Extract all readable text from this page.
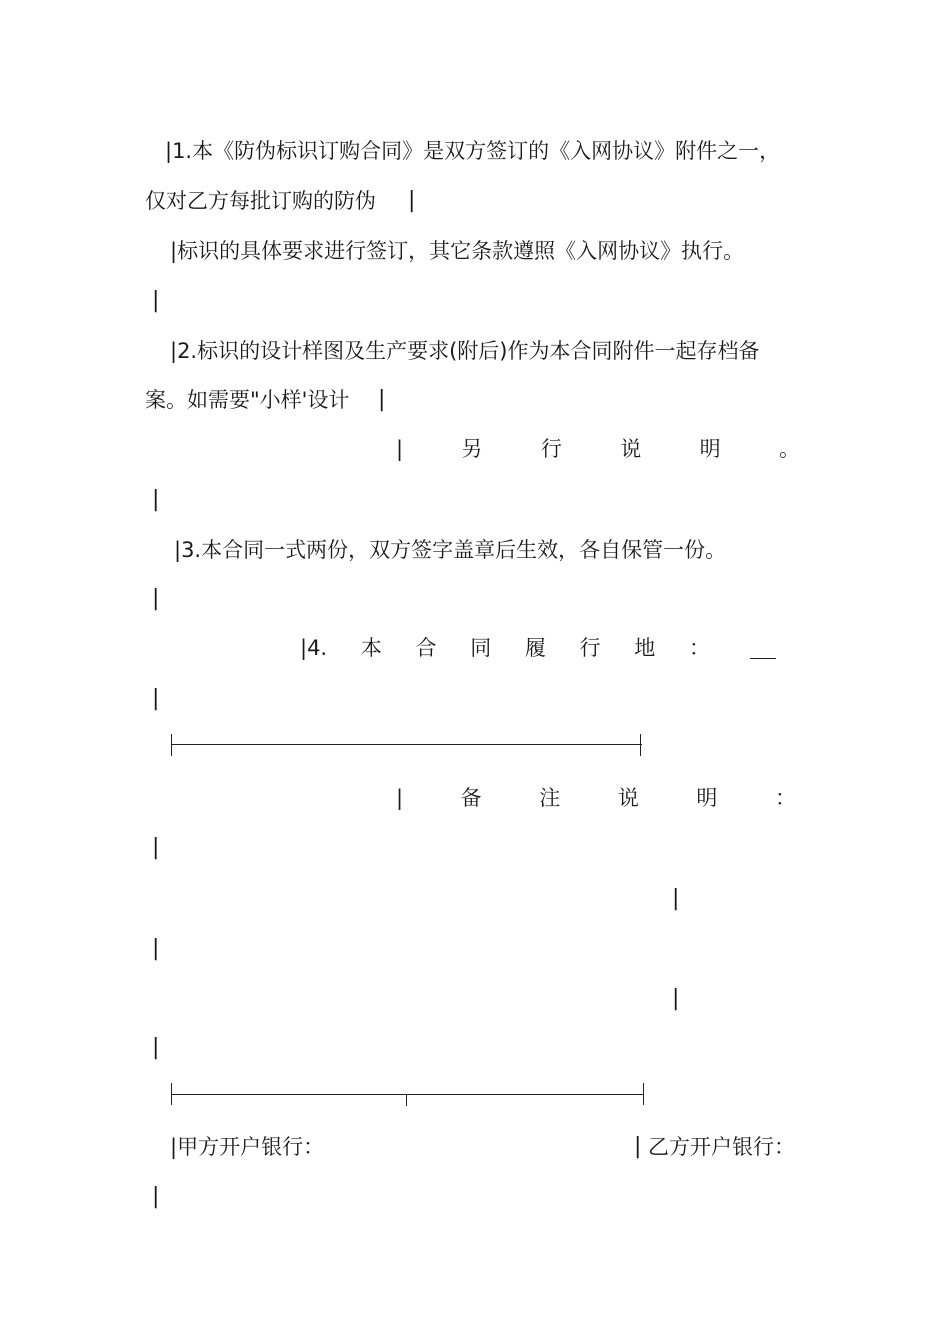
|1.本《防伪标识订购合同》是双方签订的《入网协议》附件之一，
仅对乙方每批订购的防伪 |
|标识的具体要求进行签订，其它条款遵照《入网协议》执行。
|
|2.标识的设计样图及生产要求(附后)作为本合同附件一起存档备
案。如需要"小样'设计 |
|	另	行	说	明	。
|
|3.本合同一式两份，双方签字盖章后生效，各自保管一份。
|
|4. 本 合 同 履 行 地 ：
|
|	备	注	说	明	：
|
|
|
|
|
|甲方开户银行：	| 乙方开户银行：
|
